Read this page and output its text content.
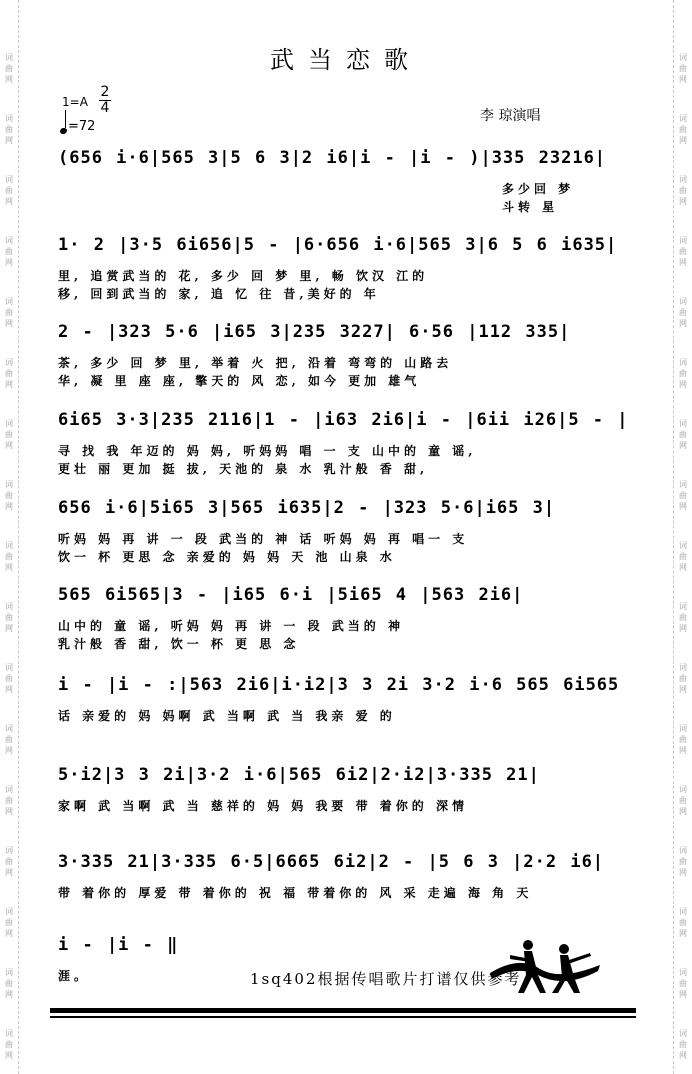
词
曲
网
词
曲
网
词
曲
网
词
曲
网
词
曲
网
词
曲
网
词
曲
网
词
曲
网
词
曲
网
词
曲
网
词
曲
网
词
曲
网
词
曲
网
词
曲
网
词
曲
网
词
曲
网
词
曲
网
词
曲
网
词
曲
网
词
曲
网
词
曲
网
词
曲
网
词
曲
网
词
曲
网
词
曲
网
词
曲
网
词
曲
网
词
曲
网
词
曲
网
词
曲
网
词
曲
网
词
曲
网
词
曲
网
词
曲
网
武当恋歌
1=A
2
4
=72
李 琼演唱
(656 i·6|565 3|5 6 3|2 i6|i - |i - )|335 23216|
多少回 梦
斗转 星
1· 2 |3·5 6i656|5 - |6·656 i·6|565 3|6 5 6 i635|
里, 追赏武当的 花, 多少 回 梦 里, 畅 饮汉 江的
移, 回到武当的 家, 追 忆 往 昔,美好的 年
2 - |323 5·6 |i65 3|235 3227| 6·56 |112 335|
茶, 多少 回 梦 里, 举着 火 把, 沿着 弯弯的 山路去
华, 凝 里 座 座, 擎天的 风 恋, 如今 更加 雄气
6i65 3·3|235 2116|1 - |i63 2i6|i - |6ii i26|5 - |
寻 找 我 年迈的 妈 妈, 听妈妈 唱 一 支 山中的 童 谣,
更壮 丽 更加 挺 拔, 天池的 泉 水 乳汁般 香 甜,
656 i·6|5i65 3|565 i635|2 - |323 5·6|i65 3|
听妈 妈 再 讲 一 段 武当的 神 话 听妈 妈 再 唱一 支
饮一 杯 更思 念 亲爱的 妈 妈 天 池 山泉 水
565 6i565|3 - |i65 6·i |5i65 4 |563 2i6|
山中的 童 谣, 听妈 妈 再 讲 一 段 武当的 神
乳汁般 香 甜, 饮一 杯 更 思 念
i - |i - :|563 2i6|i·i2|3 3 2i 3·2 i·6 565 6i565
话 亲爱的 妈 妈啊 武 当啊 武 当 我亲 爱 的
5·i2|3 3 2i|3·2 i·6|565 6i2|2·i2|3·335 21|
家啊 武 当啊 武 当 慈祥的 妈 妈 我要 带 着你的 深情
3·335 21|3·335 6·5|6665 6i2|2 - |5 6 3 |2·2 i6|
带 着你的 厚爱 带 着你的 祝 福 带着你的 风 采 走遍 海 角 天
i - |i - ‖
涯。	1sq402根据传唱歌片打谱仅供参考
